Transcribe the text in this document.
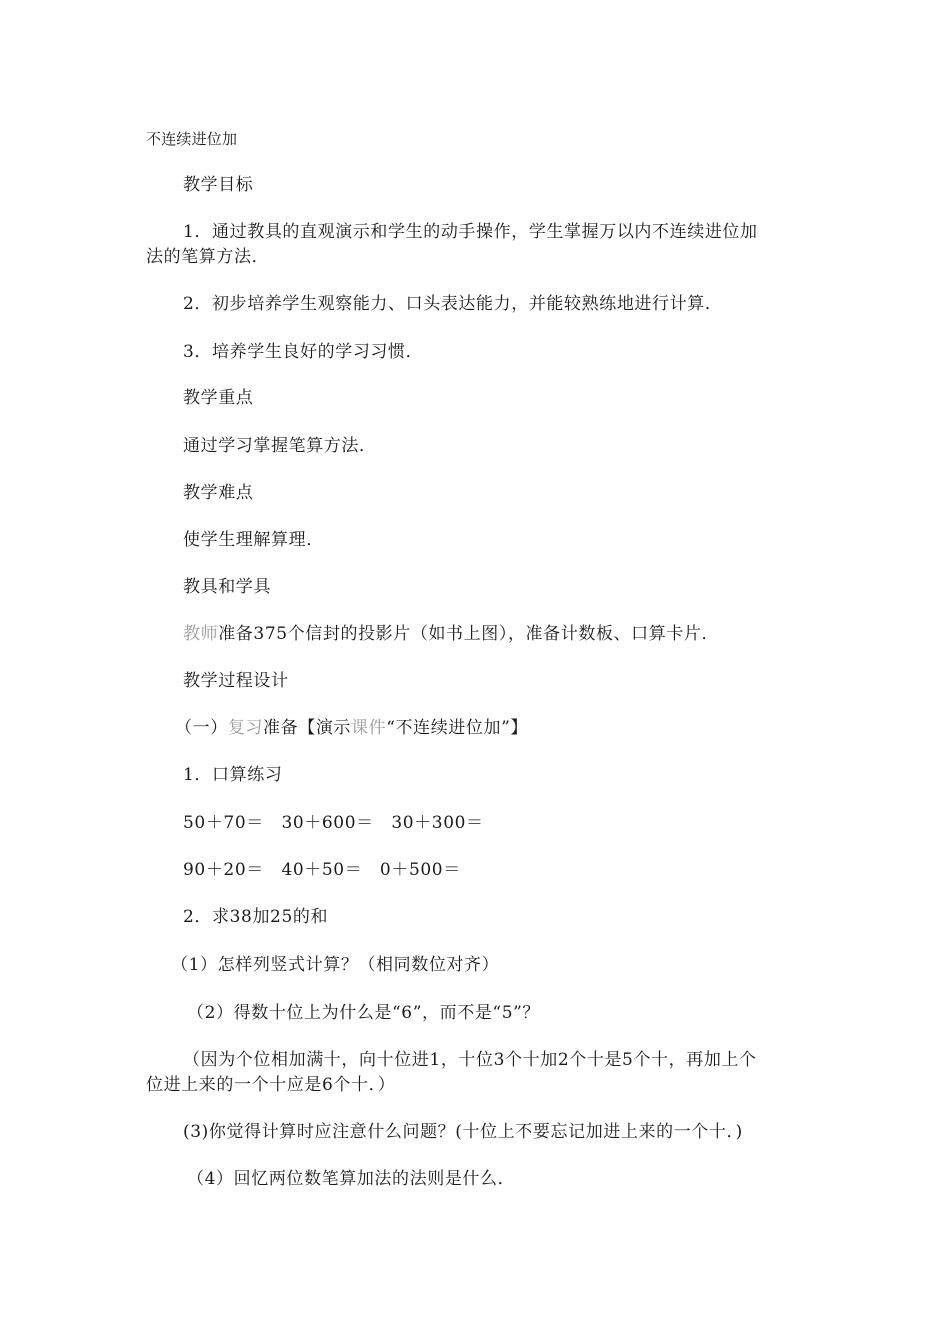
不连续进位加
教学目标
1．通过教具的直观演示和学生的动手操作，学生掌握万以内不连续进位加
法的笔算方法．
2．初步培养学生观察能力、口头表达能力，并能较熟练地进行计算．
3．培养学生良好的学习习惯．
教学重点
通过学习掌握笔算方法．
教学难点
使学生理解算理．
教具和学具
教师准备375个信封的投影片（如书上图），准备计数板、口算卡片．
教学过程设计
（一）复习准备【演示课件“不连续进位加”】
1．口算练习
50＋70＝　30＋600＝　30＋300＝
90＋20＝　40＋50＝　0＋500＝
2．求38加25的和
（1）怎样列竖式计算？（相同数位对齐）
（2）得数十位上为什么是“6”，而不是“5”？
（因为个位相加满十，向十位进1，十位3个十加2个十是5个十，再加上个
位进上来的一个十应是6个十．）
(3)你觉得计算时应注意什么问题？(十位上不要忘记加进上来的一个十．)
（4）回忆两位数笔算加法的法则是什么．
